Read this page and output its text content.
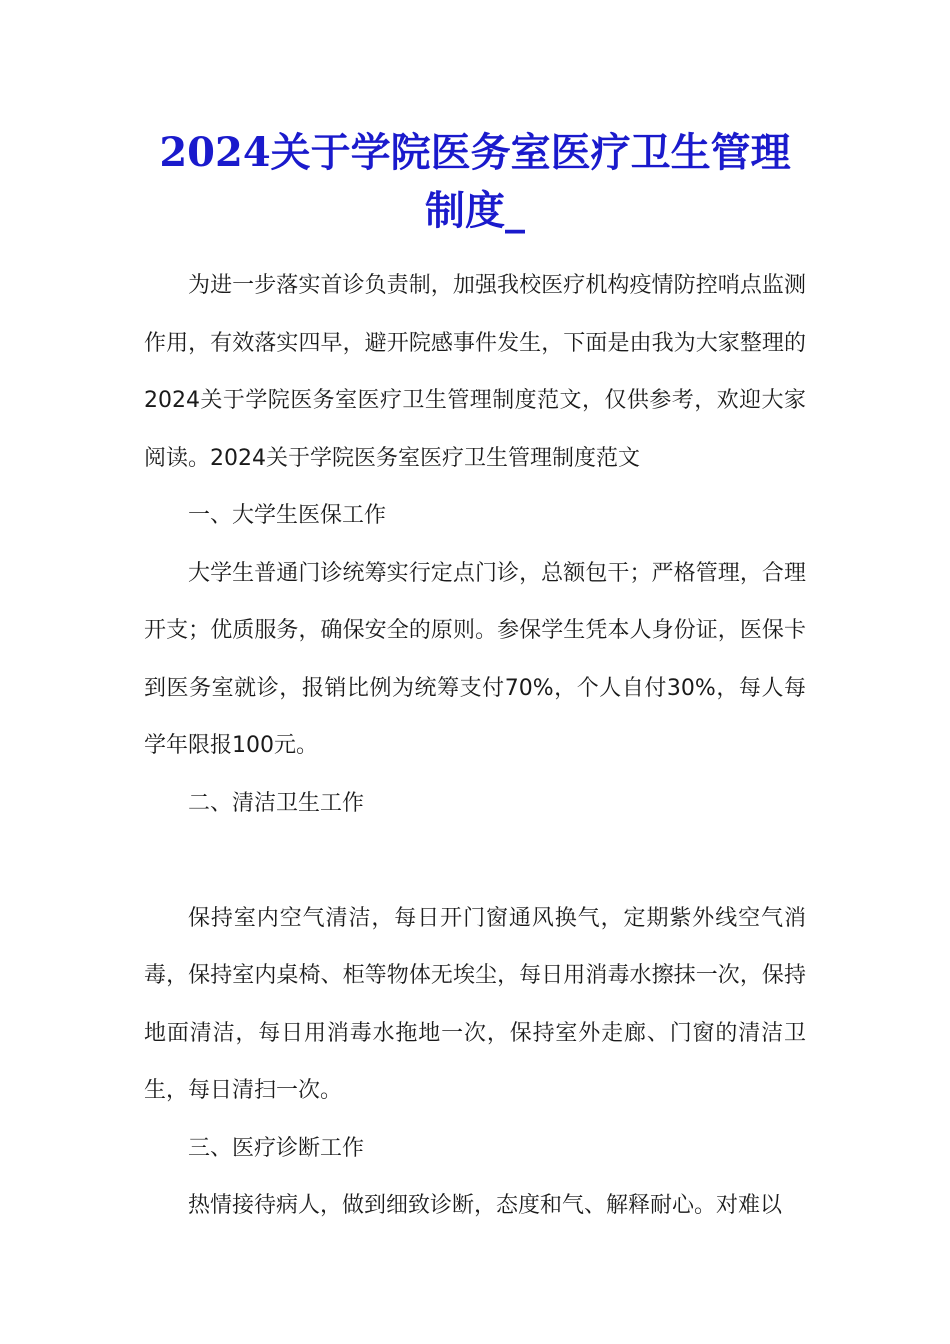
2024关于学院医务室医疗卫生管理制度_

为进一步落实首诊负责制，加强我校医疗机构疫情防控哨点监测作用，有效落实四早，避开院感事件发生，下面是由我为大家整理的2024关于学院医务室医疗卫生管理制度范文，仅供参考，欢迎大家阅读。2024关于学院医务室医疗卫生管理制度范文

一、大学生医保工作

大学生普通门诊统筹实行定点门诊，总额包干；严格管理，合理开支；优质服务，确保安全的原则。参保学生凭本人身份证，医保卡到医务室就诊，报销比例为统筹支付70%，个人自付30%，每人每学年限报100元。

二、清洁卫生工作

保持室内空气清洁，每日开门窗通风换气，定期紫外线空气消毒，保持室内桌椅、柜等物体无埃尘，每日用消毒水擦抹一次，保持地面清洁，每日用消毒水拖地一次，保持室外走廊、门窗的清洁卫生，每日清扫一次。

三、医疗诊断工作

热情接待病人，做到细致诊断，态度和气、解释耐心。对难以
